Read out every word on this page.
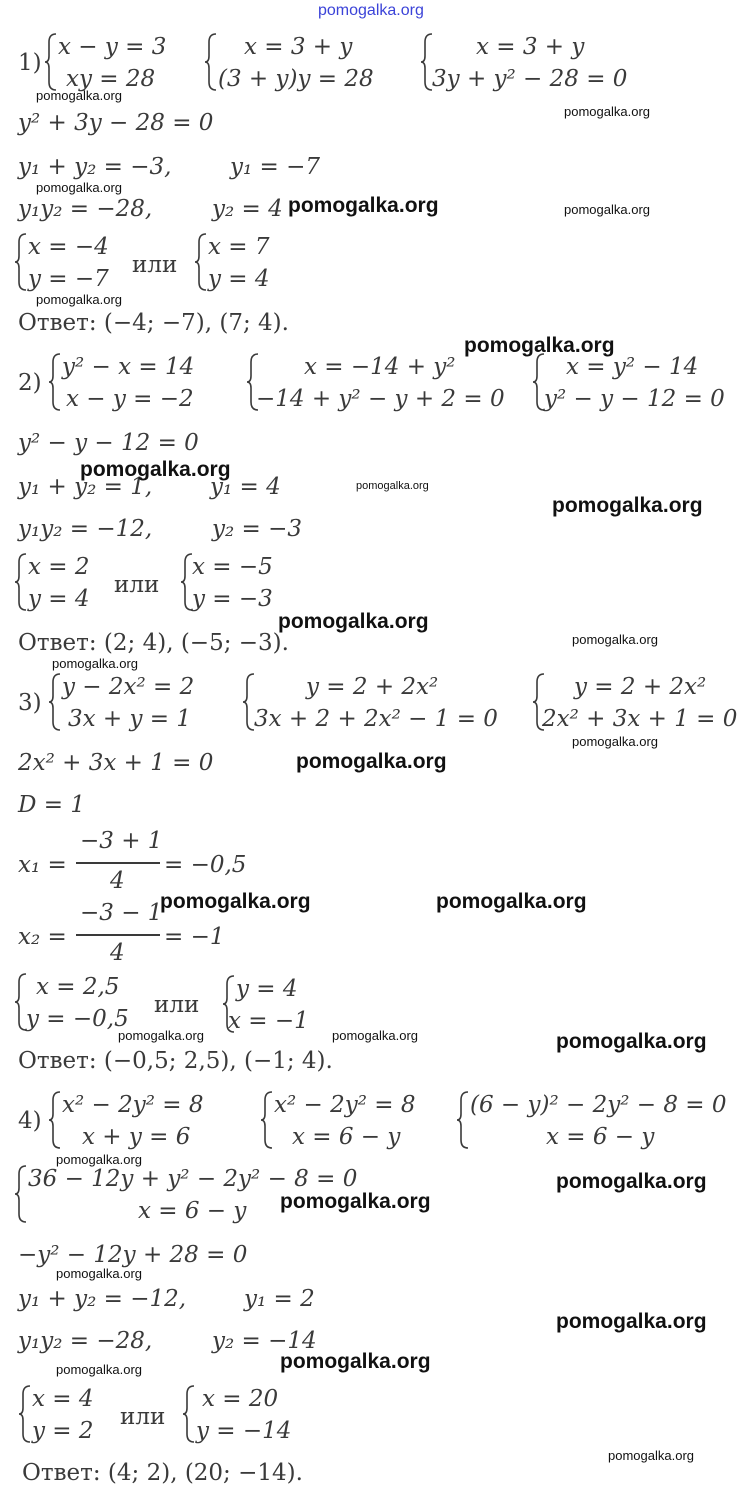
pomogalka.org
1)
x − y = 3
xy = 28
x = 3 + y
(3 + y)y = 28
x = 3 + y
3y + y² − 28 = 0
y² + 3y − 28 = 0
y₁ + y₂ = −3,	y₁ = −7
y₁y₂ = −28,	y₂ = 4
x = −4
y = −7
или
x = 7
y = 4
Ответ: (−4; −7), (7; 4).
2)
y² − x = 14
x − y = −2
x = −14 + y²
−14 + y² − y + 2 = 0
x = y² − 14
y² − y − 12 = 0
y² − y − 12 = 0
y₁ + y₂ = 1,	y₁ = 4
y₁y₂ = −12,	y₂ = −3
x = 2
y = 4
или
x = −5
y = −3
Ответ: (2; 4), (−5; −3).
3)
y − 2x² = 2
3x + y = 1
y = 2 + 2x²
3x + 2 + 2x² − 1 = 0
y = 2 + 2x²
2x² + 3x + 1 = 0
2x² + 3x + 1 = 0
D = 1
x₁ =
−3 + 1
4
= −0,5
x₂ =
−3 − 1
4
= −1
x = 2,5
y = −0,5
или
y = 4
x = −1
Ответ: (−0,5; 2,5), (−1; 4).
4)
x² − 2y² = 8
x + y = 6
x² − 2y² = 8
x = 6 − y
(6 − y)² − 2y² − 8 = 0
x = 6 − y
36 − 12y + y² − 2y² − 8 = 0
x = 6 − y
−y² − 12y + 28 = 0
y₁ + y₂ = −12,	y₁ = 2
y₁y₂ = −28,	y₂ = −14
x = 4
y = 2
или
x = 20
y = −14
Ответ: (4; 2), (20; −14).
pomogalka.org
pomogalka.org
pomogalka.org
pomogalka.org	pomogalka.org
pomogalka.org
pomogalka.org
pomogalka.org
pomogalka.org
pomogalka.org
pomogalka.org
pomogalka.org
pomogalka.org
pomogalka.org
pomogalka.org
pomogalka.org	pomogalka.org
pomogalka.org	pomogalka.org	pomogalka.org
pomogalka.org
pomogalka.org
pomogalka.org
pomogalka.org
pomogalka.org
pomogalka.org
pomogalka.org
pomogalka.org
